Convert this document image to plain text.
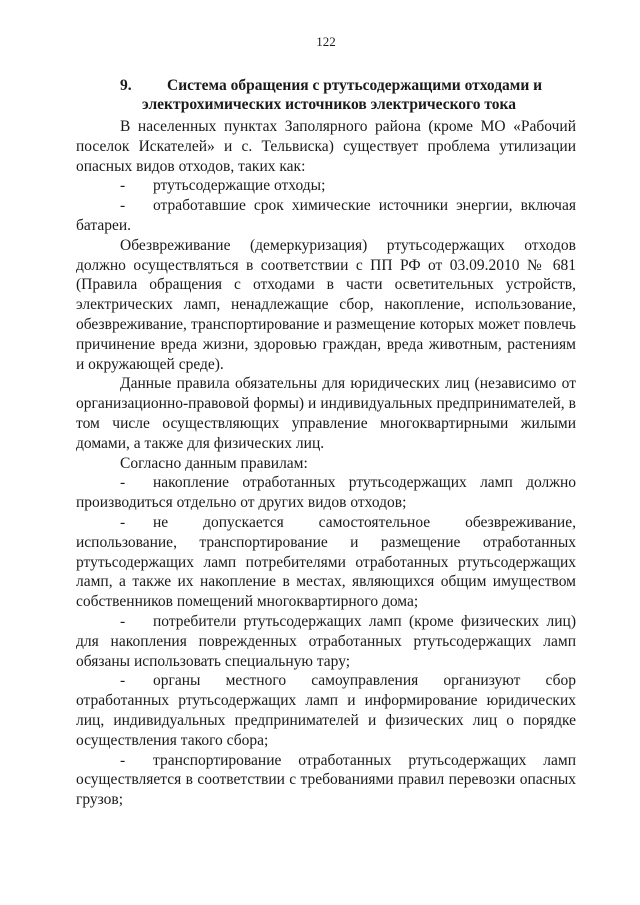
122
9.	Система обращения с ртутьсодержащими отходами и
электрохимических источников электрического тока

В населенных пунктах Заполярного района (кроме МО «Рабочий поселок Искателей» и с. Тельвиска) существует проблема утилизации опасных видов отходов, таких как:

- ртутьсодержащие отходы;

- отработавшие срок химические источники энергии, включая батареи.

Обезвреживание (демеркуризация) ртутьсодержащих отходов должно осуществляться в соответствии с ПП РФ от 03.09.2010 № 681 (Правила обращения с отходами в части осветительных устройств, электрических ламп, ненадлежащие сбор, накопление, использование, обезвреживание, транспортирование и размещение которых может повлечь причинение вреда жизни, здоровью граждан, вреда животным, растениям и окружающей среде).

Данные правила обязательны для юридических лиц (независимо от организационно-правовой формы) и индивидуальных предпринимателей, в том числе осуществляющих управление многоквартирными жилыми домами, а также для физических лиц.

Согласно данным правилам:

- накопление отработанных ртутьсодержащих ламп должно производиться отдельно от других видов отходов;

- не допускается самостоятельное обезвреживание, использование, транспортирование и размещение отработанных ртутьсодержащих ламп потребителями отработанных ртутьсодержащих ламп, а также их накопление в местах, являющихся общим имуществом собственников помещений многоквартирного дома;

- потребители ртутьсодержащих ламп (кроме физических лиц) для накопления поврежденных отработанных ртутьсодержащих ламп обязаны использовать специальную тару;

- органы местного самоуправления организуют сбор отработанных ртутьсодержащих ламп и информирование юридических лиц, индивидуальных предпринимателей и физических лиц о порядке осуществления такого сбора;

- транспортирование отработанных ртутьсодержащих ламп осуществляется в соответствии с требованиями правил перевозки опасных грузов;
